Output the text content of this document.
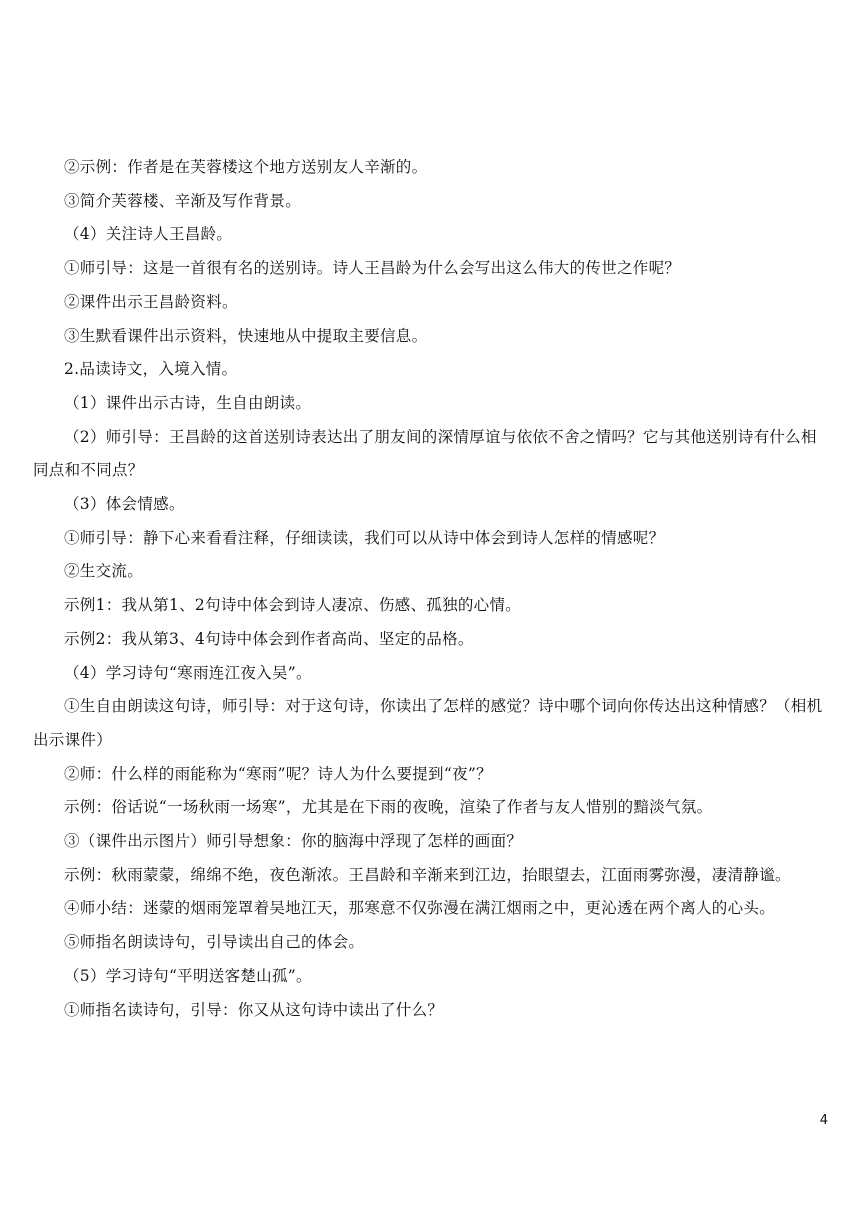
②示例：作者是在芙蓉楼这个地方送别友人辛渐的。

③简介芙蓉楼、辛渐及写作背景。

（4）关注诗人王昌龄。

①师引导：这是一首很有名的送别诗。诗人王昌龄为什么会写出这么伟大的传世之作呢？

②课件出示王昌龄资料。

③生默看课件出示资料，快速地从中提取主要信息。

2.品读诗文，入境入情。

（1）课件出示古诗，生自由朗读。

（2）师引导：王昌龄的这首送别诗表达出了朋友间的深情厚谊与依依不舍之情吗？它与其他送别诗有什么相同点和不同点？

（3）体会情感。

①师引导：静下心来看看注释，仔细读读，我们可以从诗中体会到诗人怎样的情感呢？

②生交流。

示例1：我从第1、2句诗中体会到诗人凄凉、伤感、孤独的心情。

示例2：我从第3、4句诗中体会到作者高尚、坚定的品格。

（4）学习诗句“寒雨连江夜入吴”。

①生自由朗读这句诗，师引导：对于这句诗，你读出了怎样的感觉？诗中哪个词向你传达出这种情感？（相机出示课件）

②师：什么样的雨能称为“寒雨”呢？诗人为什么要提到“夜”？

示例：俗话说“一场秋雨一场寒”，尤其是在下雨的夜晚，渲染了作者与友人惜别的黯淡气氛。

③（课件出示图片）师引导想象：你的脑海中浮现了怎样的画面？

示例：秋雨蒙蒙，绵绵不绝，夜色渐浓。王昌龄和辛渐来到江边，抬眼望去，江面雨雾弥漫，凄清静谧。

④师小结：迷蒙的烟雨笼罩着吴地江天，那寒意不仅弥漫在满江烟雨之中，更沁透在两个离人的心头。

⑤师指名朗读诗句，引导读出自己的体会。

（5）学习诗句“平明送客楚山孤”。

①师指名读诗句，引导：你又从这句诗中读出了什么？

4
